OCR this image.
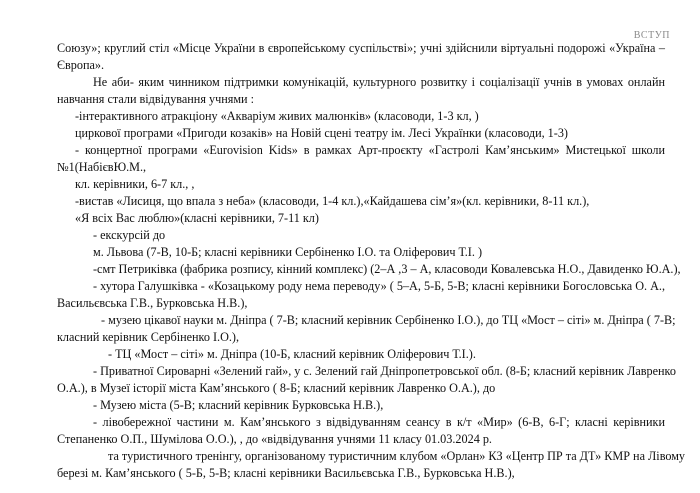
ВСТУП
Союзу»; круглий стіл «Місце України в європейському суспільстві»; учні здійснили віртуальні подорожі «Україна –
Європа».
Не аби- яким чинником підтримки комунікацій, культурного розвитку і соціалізації учнів в умовах онлайн
навчання стали відвідування учнями :
-інтерактивного атракціону «Акваріум живих малюнків» (класоводи, 1-3 кл, )
циркової програми «Пригоди козаків» на Новій сцені театру ім. Лесі Українки (класоводи, 1-3)
- концертної програми «Eurovision Kids» в рамках Арт-проєкту «Гастролі Кам’янським» Мистецької школи
№1(НабієвЮ.М.,
кл. керівники, 6-7 кл., ,
-вистав «Лисиця, що впала з неба» (класоводи, 1-4 кл.),«Кайдашева сім’я»(кл. керівники, 8-11 кл.),
«Я всіх Вас люблю»(класні керівники, 7-11 кл)
- екскурсій до
м. Львова (7-В, 10-Б; класні керівники Сербіненко І.О. та Оліферович Т.І. )
-смт Петриківка (фабрика розпису, кінний комплекс) (2–А ,3 – А, класоводи Ковалевська Н.О., Давиденко Ю.А.),
- хутора Галушківка - «Козацькому роду нема переводу» ( 5–А, 5-Б, 5-В; класні керівники Богословська О. А.,
Васильєвська Г.В., Бурковська Н.В.),
- музею цікавої науки м. Дніпра ( 7-В; класний керівник Сербіненко І.О.), до ТЦ «Мост – сіті» м. Дніпра ( 7-В;
класний керівник Сербіненко І.О.),
- ТЦ «Мост – сіті» м. Дніпра (10-Б, класний керівник Оліферович Т.І.).
- Приватної Сироварні «Зелений гай», у с. Зелений гай Дніпропетровської обл. (8-Б; класний керівник Лавренко
О.А.), в Музеї історії міста Кам’янського ( 8-Б; класний керівник Лавренко О.А.), до
- Музею міста (5-В; класний керівник Бурковська Н.В.),
- лівобережної частини м. Кам’янського з відвідуванням сеансу в к/т «Мир» (6-В, 6-Г; класні керівники
Степаненко О.П., Шумілова О.О.), , до «відвідування учнями 11 класу 01.03.2024 р.
та туристичного тренінгу, організованому туристичним клубом «Орлан» КЗ «Центр ПР та ДТ» КМР на Лівому
березі м. Кам’янського ( 5-Б, 5-В; класні керівники Васильєвська Г.В., Бурковська Н.В.),
